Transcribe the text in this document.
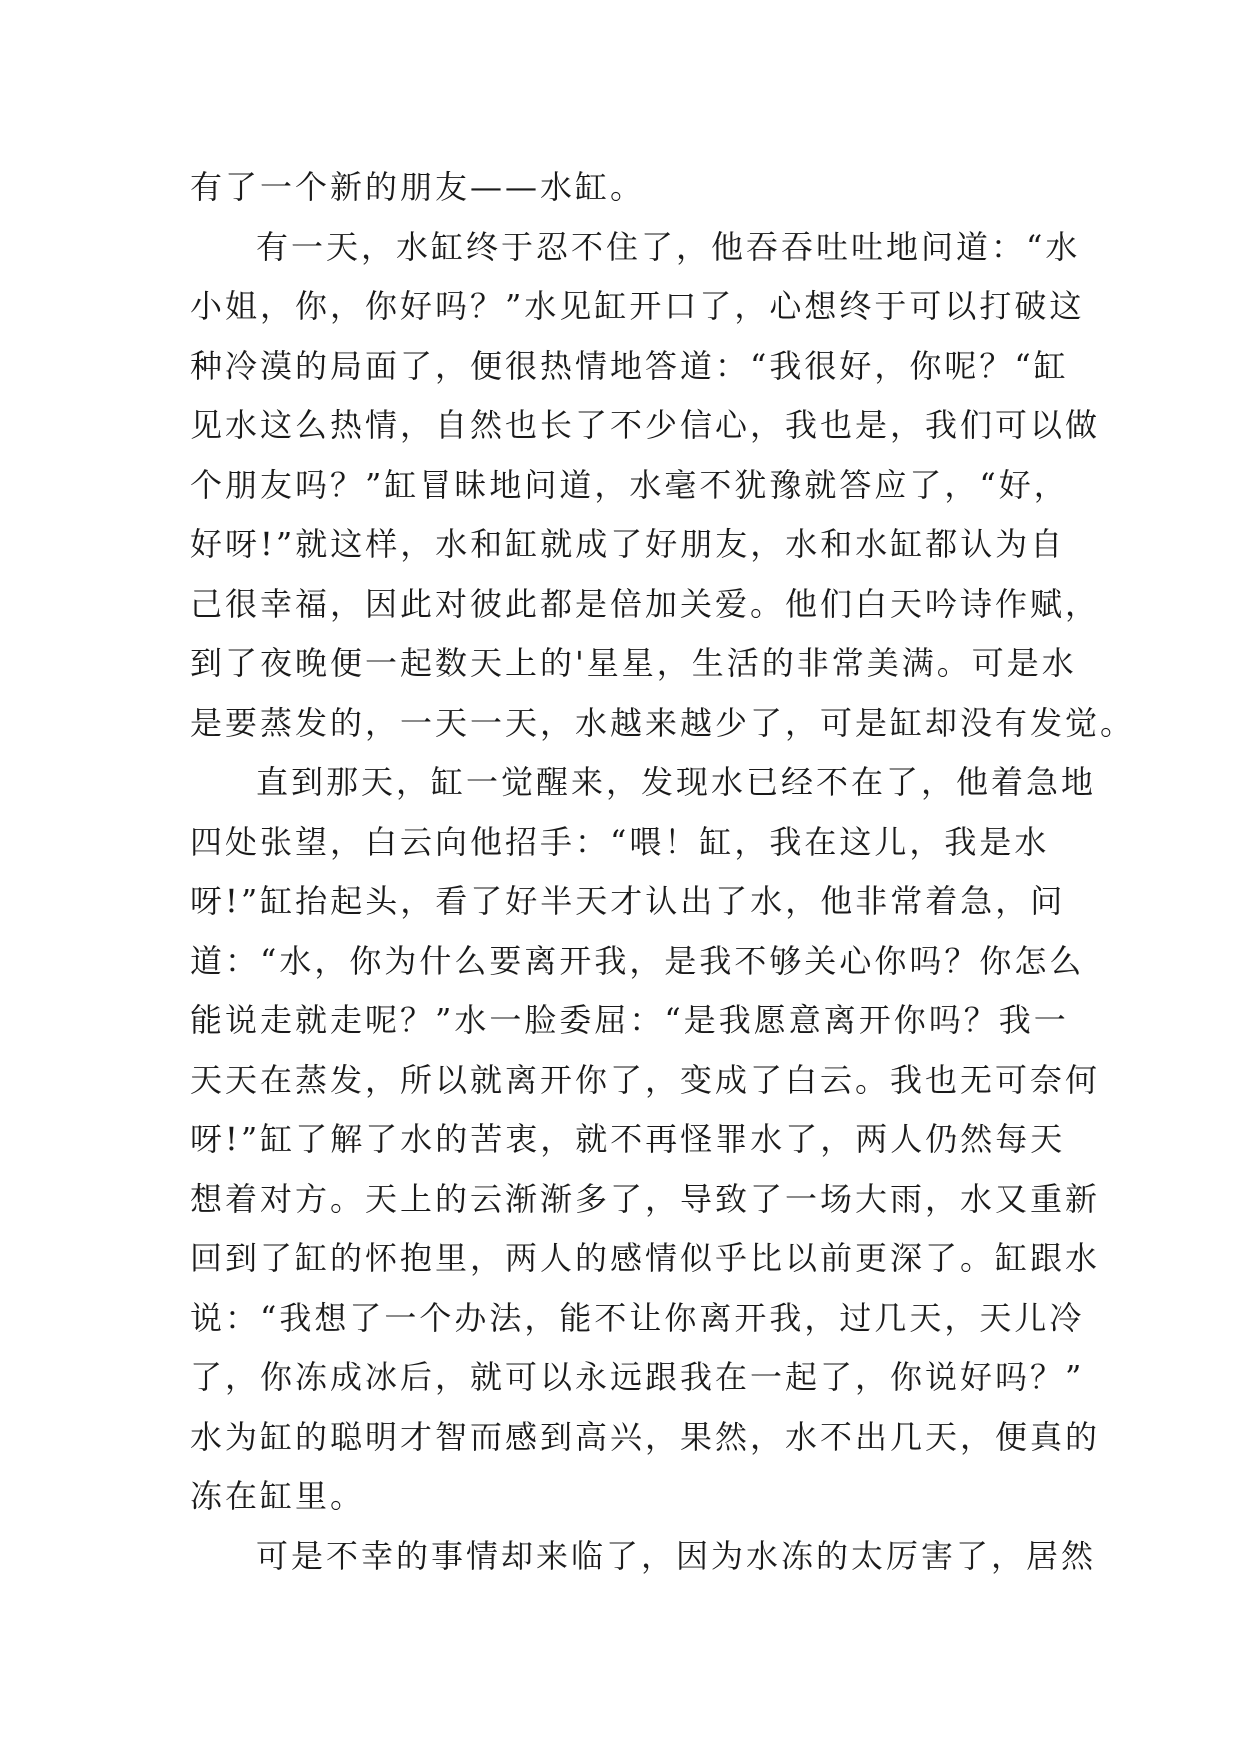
有了一个新的朋友——水缸。
有一天，水缸终于忍不住了，他吞吞吐吐地问道：“水
小姐，你，你好吗？”水见缸开口了，心想终于可以打破这
种冷漠的局面了，便很热情地答道：“我很好，你呢？“缸
见水这么热情，自然也长了不少信心，我也是，我们可以做
个朋友吗？”缸冒昧地问道，水毫不犹豫就答应了，“好，
好呀!”就这样，水和缸就成了好朋友，水和水缸都认为自
己很幸福，因此对彼此都是倍加关爱。他们白天吟诗作赋，
到了夜晚便一起数天上的'星星，生活的非常美满。可是水
是要蒸发的，一天一天，水越来越少了，可是缸却没有发觉。
直到那天，缸一觉醒来，发现水已经不在了，他着急地
四处张望，白云向他招手：“喂！缸，我在这儿，我是水
呀!”缸抬起头，看了好半天才认出了水，他非常着急，问
道：“水，你为什么要离开我，是我不够关心你吗？你怎么
能说走就走呢？”水一脸委屈：“是我愿意离开你吗？我一
天天在蒸发，所以就离开你了，变成了白云。我也无可奈何
呀!”缸了解了水的苦衷，就不再怪罪水了，两人仍然每天
想着对方。天上的云渐渐多了，导致了一场大雨，水又重新
回到了缸的怀抱里，两人的感情似乎比以前更深了。缸跟水
说：“我想了一个办法，能不让你离开我，过几天，天儿冷
了，你冻成冰后，就可以永远跟我在一起了，你说好吗？”
水为缸的聪明才智而感到高兴，果然，水不出几天，便真的
冻在缸里。
可是不幸的事情却来临了，因为水冻的太厉害了，居然
